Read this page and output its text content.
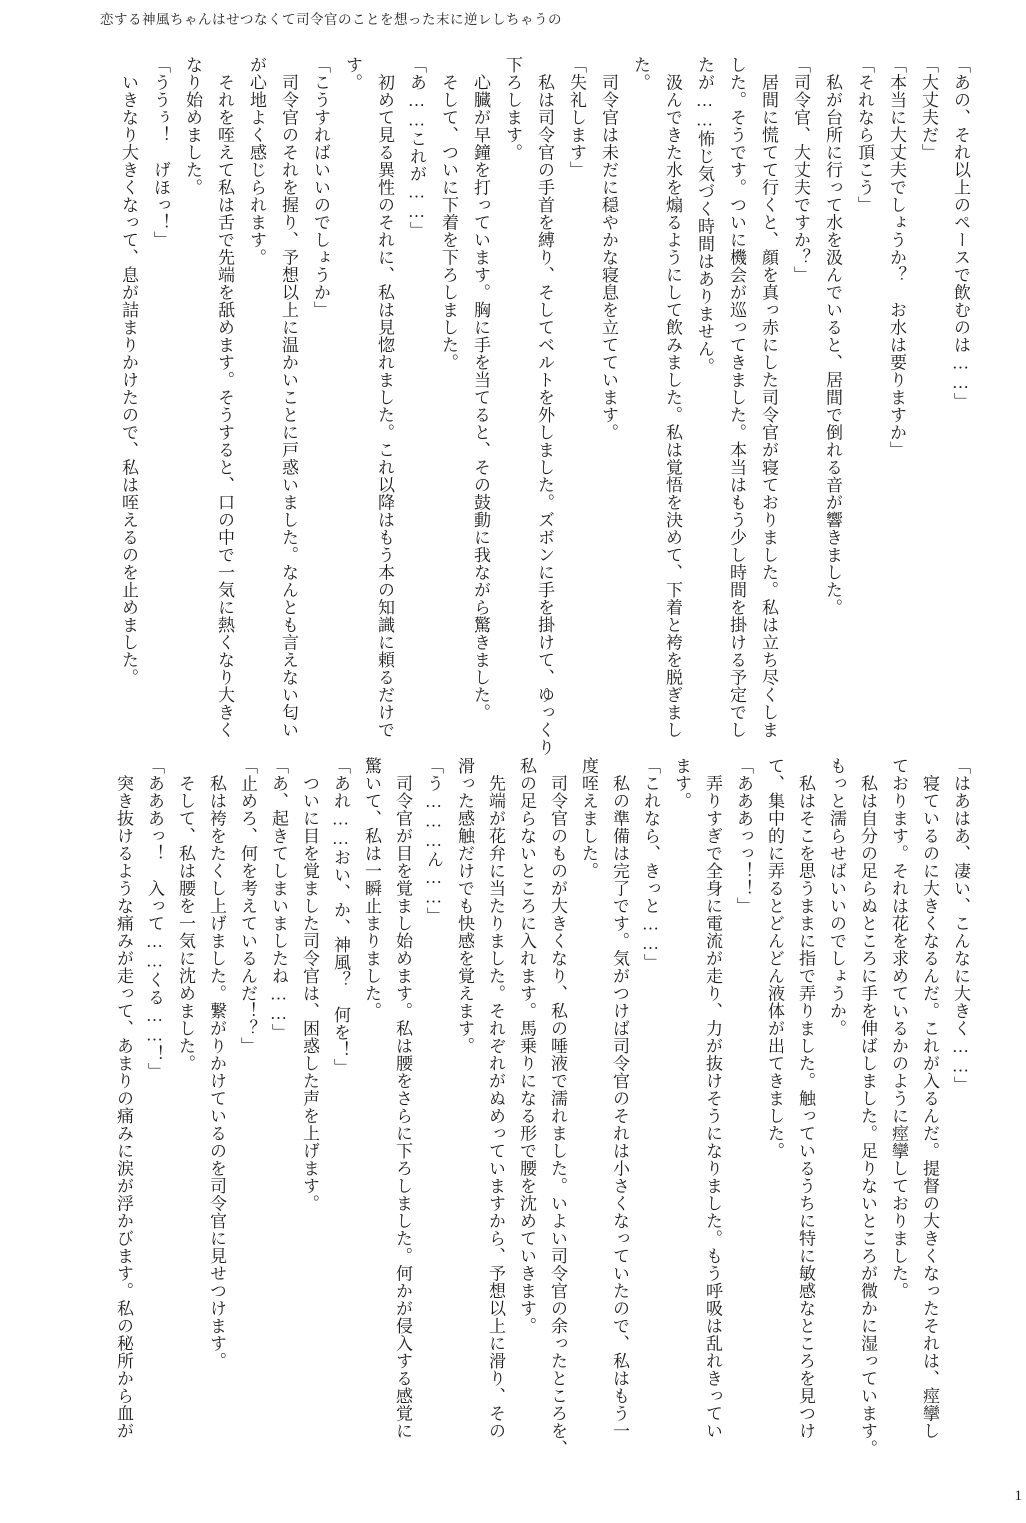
恋する神風ちゃんはせつなくて司令官のことを想った末に逆レしちゃうの
「あの、それ以上のペースで飲むのは……」
「大丈夫だ」
「本当に大丈夫でしょうか？　お水は要りますか」
「それなら頂こう」
　私が台所に行って水を汲んでいると、居間で倒れる音が響きました。
「司令官、大丈夫ですか？」
　居間に慌てて行くと、顔を真っ赤にした司令官が寝ておりました。私は立ち尽くしま
した。そうです。ついに機会が巡ってきました。本当はもう少し時間を掛ける予定でし
たが……怖じ気づく時間はありません。
　汲んできた水を煽るようにして飲みました。私は覚悟を決めて、下着と袴を脱ぎまし
た。
　司令官は未だに穏やかな寝息を立てています。
「失礼します」
　私は司令官の手首を縛り、そしてベルトを外しました。ズボンに手を掛けて、ゆっくり
下ろします。
　心臓が早鐘を打っています。胸に手を当てると、その鼓動に我ながら驚きました。
　そして、ついに下着を下ろしました。
「あ……これが……」
　初めて見る異性のそれに、私は見惚れました。これ以降はもう本の知識に頼るだけで
す。
「こうすればいいのでしょうか」
　司令官のそれを握り、予想以上に温かいことに戸惑いました。なんとも言えない匂い
が心地よく感じられます。
　それを咥えて私は舌で先端を舐めます。そうすると、口の中で一気に熱くなり大きく
なり始めました。
「ううぅ！　げほっ！」
　いきなり大きくなって、息が詰まりかけたので、私は咥えるのを止めました。
「はあはあ、凄い、こんなに大きく……」
　寝ているのに大きくなるんだ。これが入るんだ。提督の大きくなったそれは、痙攣し
ております。それは花を求めているかのように痙攣しておりました。
　私は自分の足らぬところに手を伸ばしました。足りないところが微かに湿っています。
もっと濡らせばいいのでしょうか。
　私はそこを思うままに指で弄りました。触っているうちに特に敏感なところを見つけ
て、集中的に弄るとどんどん液体が出てきました。
「あああっっ！！」
　弄りすぎで全身に電流が走り、力が抜けそうになりました。もう呼吸は乱れきってい
ます。
「これなら、きっと……」
　私の準備は完了です。気がつけば司令官のそれは小さくなっていたので、私はもう一
度咥えました。
　司令官のものが大きくなり、私の唾液で濡れました。いよい司令官の余ったところを、
私の足らないところに入れます。馬乗りになる形で腰を沈めていきます。
　先端が花弁に当たりました。それぞれがぬめっていますから、予想以上に滑り、その
滑った感触だけでも快感を覚えます。
「う………ん……」
　司令官が目を覚まし始めます。私は腰をさらに下ろしました。何かが侵入する感覚に
驚いて、私は一瞬止まりました。
「あれ……おい、か、神風？　何を！」
　ついに目を覚ました司令官は、困惑した声を上げます。
「あ、起きてしまいましたね……」
「止めろ、何を考えているんだ！？」
　私は袴をたくし上げました。繋がりかけているのを司令官に見せつけます。
　そして、私は腰を一気に沈めました。
「あああっ！　入って……くる……！」
　突き抜けるような痛みが走って、あまりの痛みに涙が浮かびます。私の秘所から血が
1
